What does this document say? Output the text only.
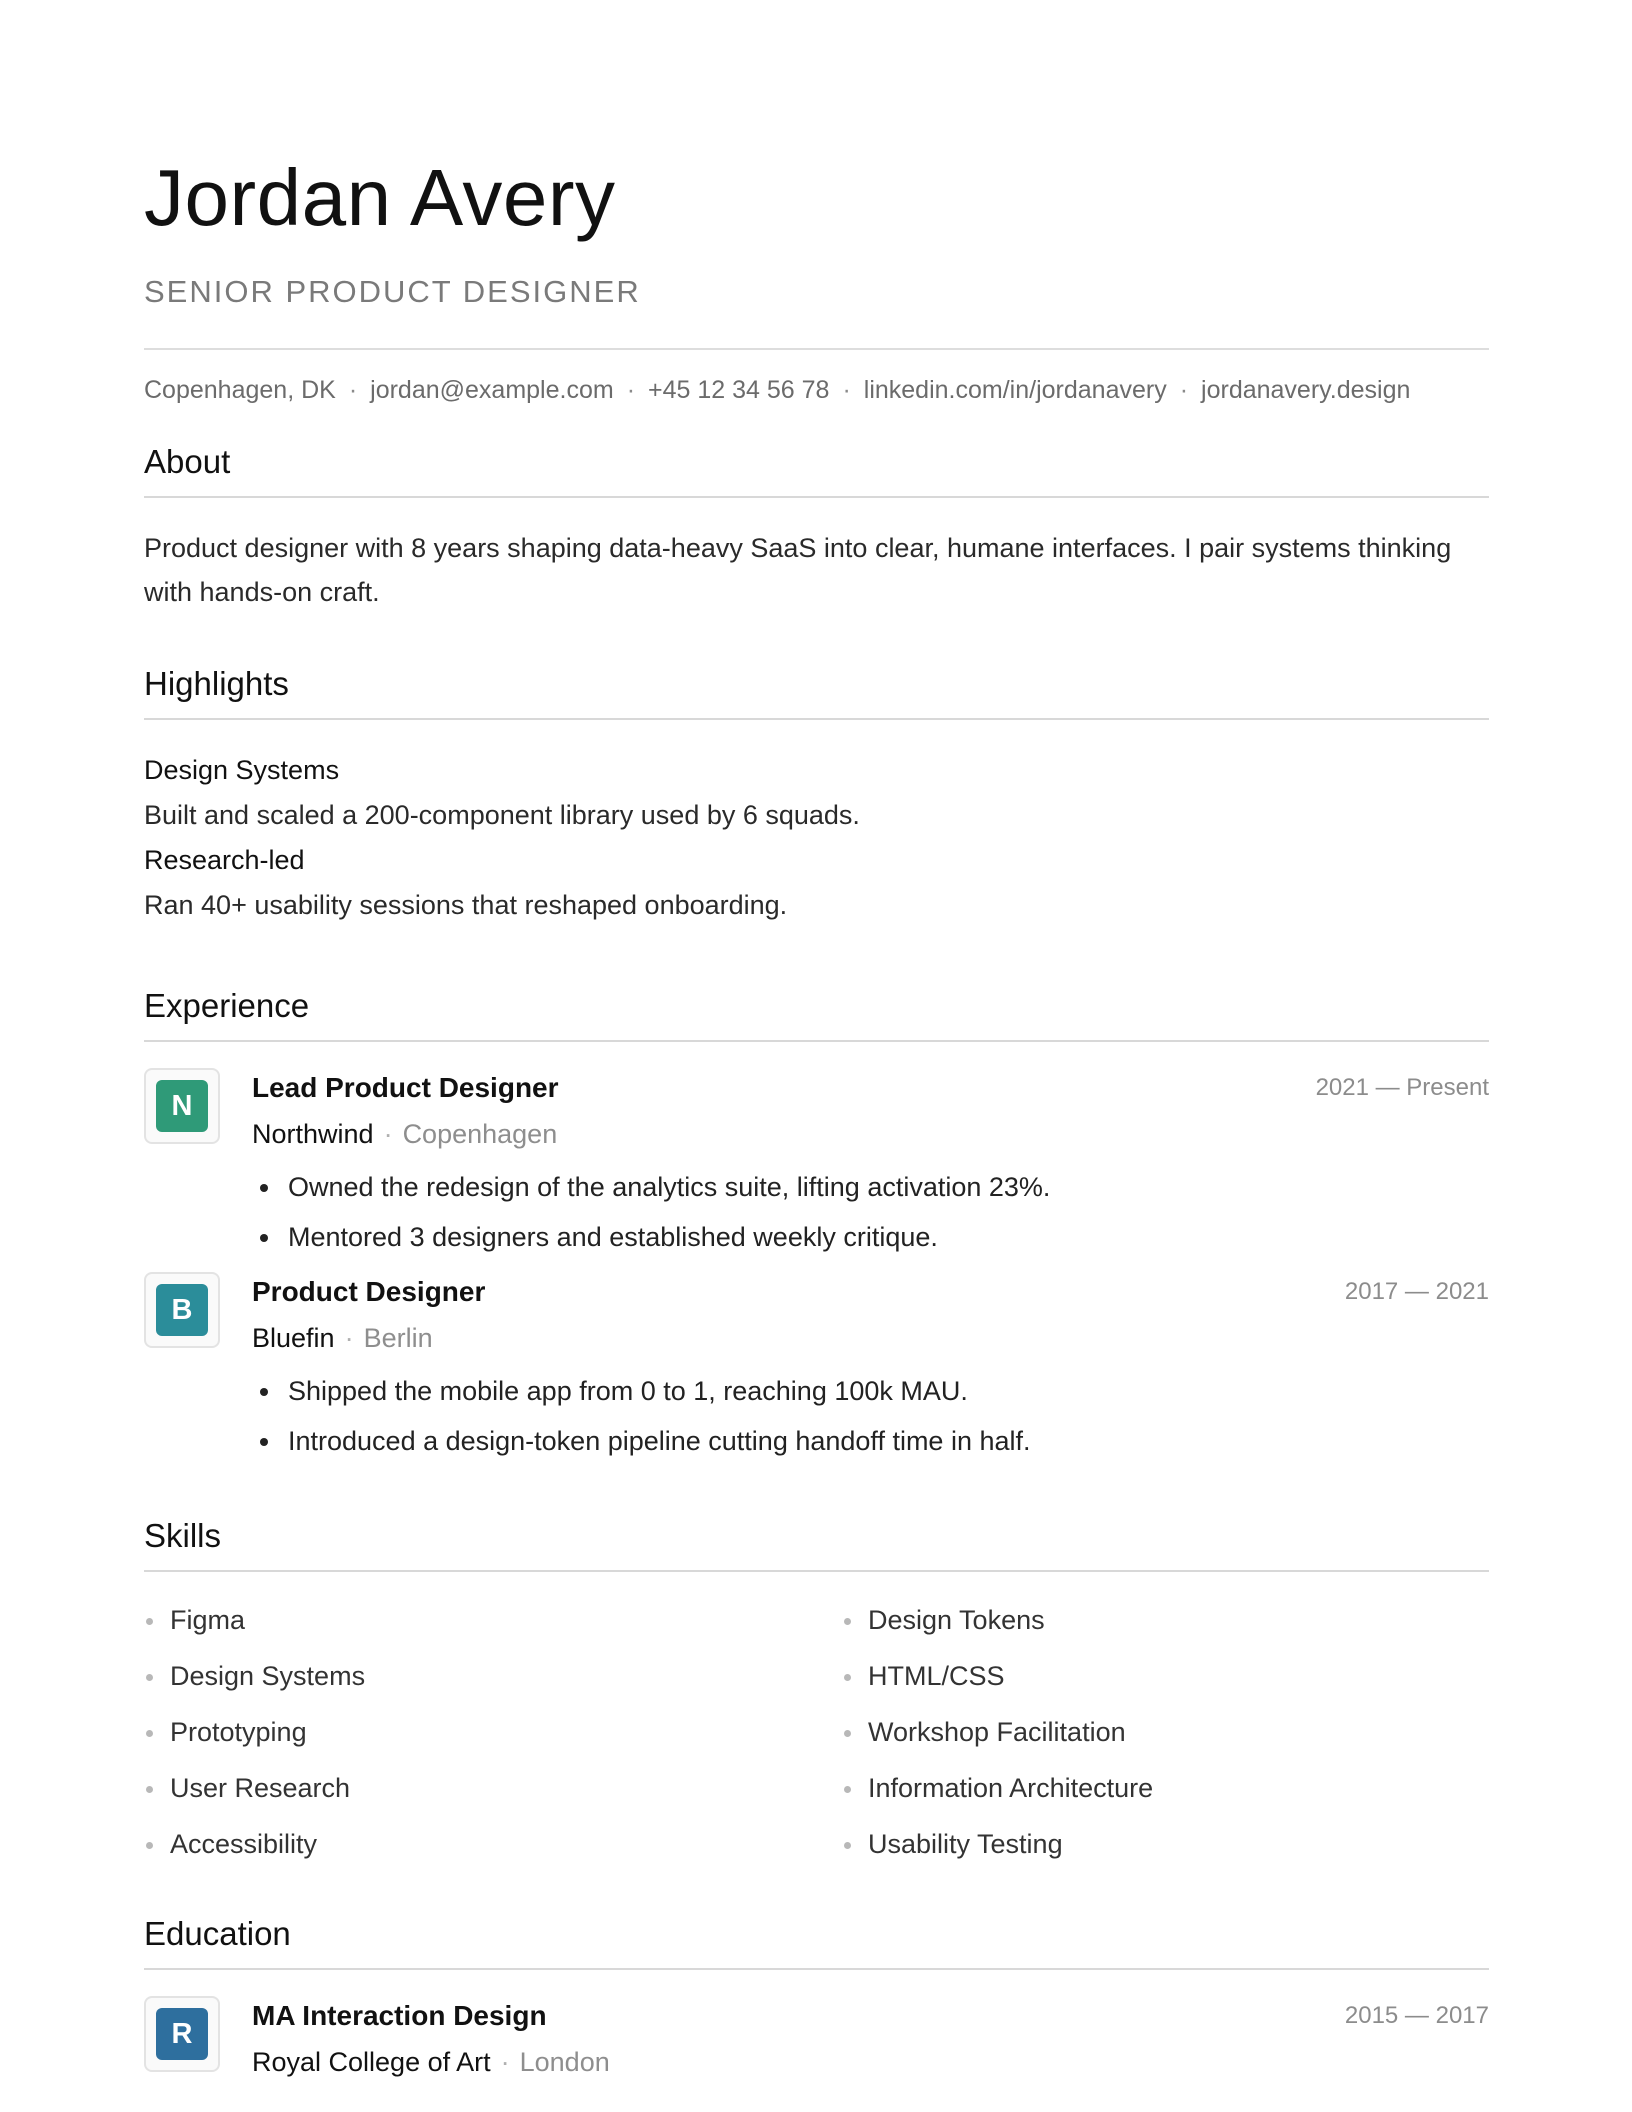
Jordan Avery
SENIOR PRODUCT DESIGNER
Copenhagen, DK · jordan@example.com · +45 12 34 56 78 · linkedin.com/in/jordanavery · jordanavery.design
About
Product designer with 8 years shaping data-heavy SaaS into clear, humane interfaces. I pair systems thinking with hands-on craft.
Highlights
Design Systems
Built and scaled a 200-component library used by 6 squads.
Research-led
Ran 40+ usability sessions that reshaped onboarding.
Experience
N
Lead Product Designer	2021 — Present
Northwind · Copenhagen
Owned the redesign of the analytics suite, lifting activation 23%.
Mentored 3 designers and established weekly critique.
B
Product Designer	2017 — 2021
Bluefin · Berlin
Shipped the mobile app from 0 to 1, reaching 100k MAU.
Introduced a design-token pipeline cutting handoff time in half.
Skills
Figma	Design Tokens
Design Systems	HTML/CSS
Prototyping	Workshop Facilitation
User Research	Information Architecture
Accessibility	Usability Testing
Education
R
MA Interaction Design	2015 — 2017
Royal College of Art · London
